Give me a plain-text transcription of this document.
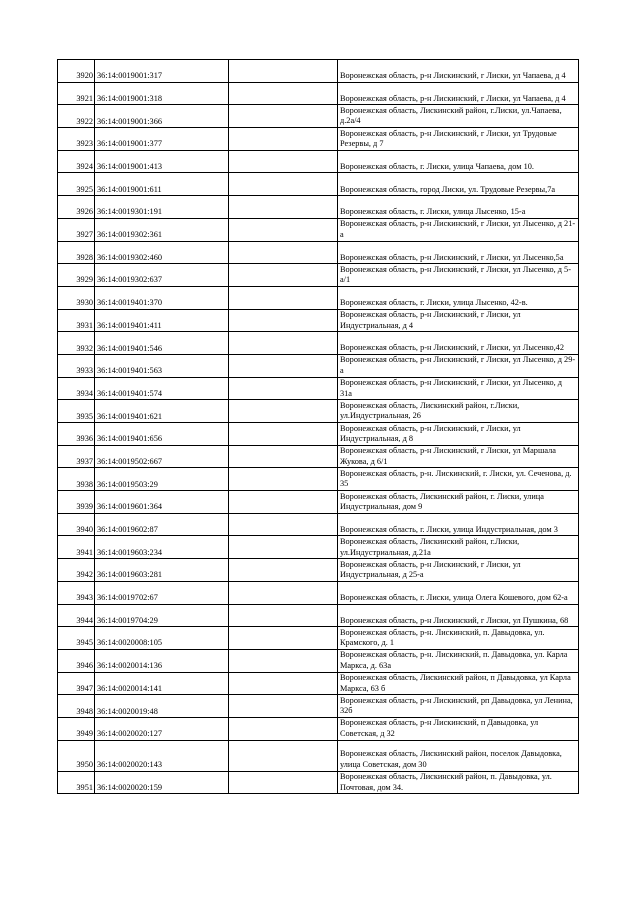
3920	36:14:0019001:317		Воронежская область, р-н Лискинский, г Лиски, ул Чапаева, д 4
3921	36:14:0019001:318		Воронежская область, р-н Лискинский, г Лиски, ул Чапаева, д 4
3922	36:14:0019001:366		Воронежская область, Лискинский район, г.Лиски, ул.Чапаева, д.2а/4
3923	36:14:0019001:377		Воронежская область, р-н Лискинский, г Лиски, ул Трудовые Резервы, д 7
3924	36:14:0019001:413		Воронежская область, г. Лиски, улица Чапаева, дом 10.
3925	36:14:0019001:611		Воронежская область, город Лиски, ул. Трудовые Резервы,7а
3926	36:14:0019301:191		Воронежская область, г. Лиски, улица Лысенко, 15-а
3927	36:14:0019302:361		Воронежская область, р-н Лискинский, г Лиски, ул Лысенко, д 21-а
3928	36:14:0019302:460		Воронежская область, р-н Лискинский, г Лиски, ул Лысенко,5а
3929	36:14:0019302:637		Воронежская область, р-н Лискинский, г Лиски, ул Лысенко, д 5-а/1
3930	36:14:0019401:370		Воронежская область, г. Лиски, улица Лысенко, 42-в.
3931	36:14:0019401:411		Воронежская область, р-н Лискинский, г Лиски, ул Индустриальная, д 4
3932	36:14:0019401:546		Воронежская область, р-н Лискинский, г Лиски, ул Лысенко,42
3933	36:14:0019401:563		Воронежская область, р-н Лискинский, г Лиски, ул Лысенко, д 29-а
3934	36:14:0019401:574		Воронежская область, р-н Лискинский, г Лиски, ул Лысенко, д 31а
3935	36:14:0019401:621		Воронежская область, Лискинский район, г.Лиски, ул.Индустриальная, 26
3936	36:14:0019401:656		Воронежская область, р-н Лискинский, г Лиски, ул Индустриальная, д 8
3937	36:14:0019502:667		Воронежская область, р-н Лискинский, г Лиски, ул Маршала Жукова, д 6/1
3938	36:14:0019503:29		Воронежская область, р-н. Лискинский, г. Лиски, ул. Сеченова, д. 35
3939	36:14:0019601:364		Воронежская область, Лискинский район, г. Лиски, улица Индустриальная, дом 9
3940	36:14:0019602:87		Воронежская область, г. Лиски, улица Индустриальная, дом 3
3941	36:14:0019603:234		Воронежская область, Лискинский район, г.Лиски, ул.Индустриальная, д.21а
3942	36:14:0019603:281		Воронежская область, р-н Лискинский, г Лиски, ул Индустриальная, д 25-а
3943	36:14:0019702:67		Воронежская область, г. Лиски, улица Олега Кошевого, дом 62-а
3944	36:14:0019704:29		Воронежская область, р-н Лискинский, г Лиски, ул Пушкина, 68
3945	36:14:0020008:105		Воронежская область, р-н. Лискинский, п. Давыдовка, ул. Крамского, д. 1
3946	36:14:0020014:136		Воронежская область, р-н. Лискинский, п. Давыдовка, ул. Карла Маркса, д. 63а
3947	36:14:0020014:141		Воронежская область, Лискинский район, п Давыдовка, ул Карла Маркса, 63 б
3948	36:14:0020019:48		Воронежская область, р-н Лискинский, рп Давыдовка, ул Ленина, 32б
3949	36:14:0020020:127		Воронежская область, р-н Лискинский, п Давыдовка, ул Советская, д 32
3950	36:14:0020020:143		Воронежская область, Лискинский район, поселок Давыдовка, улица Советская, дом 30
3951	36:14:0020020:159		Воронежская область, Лискинский район, п. Давыдовка, ул. Почтовая, дом 34.
